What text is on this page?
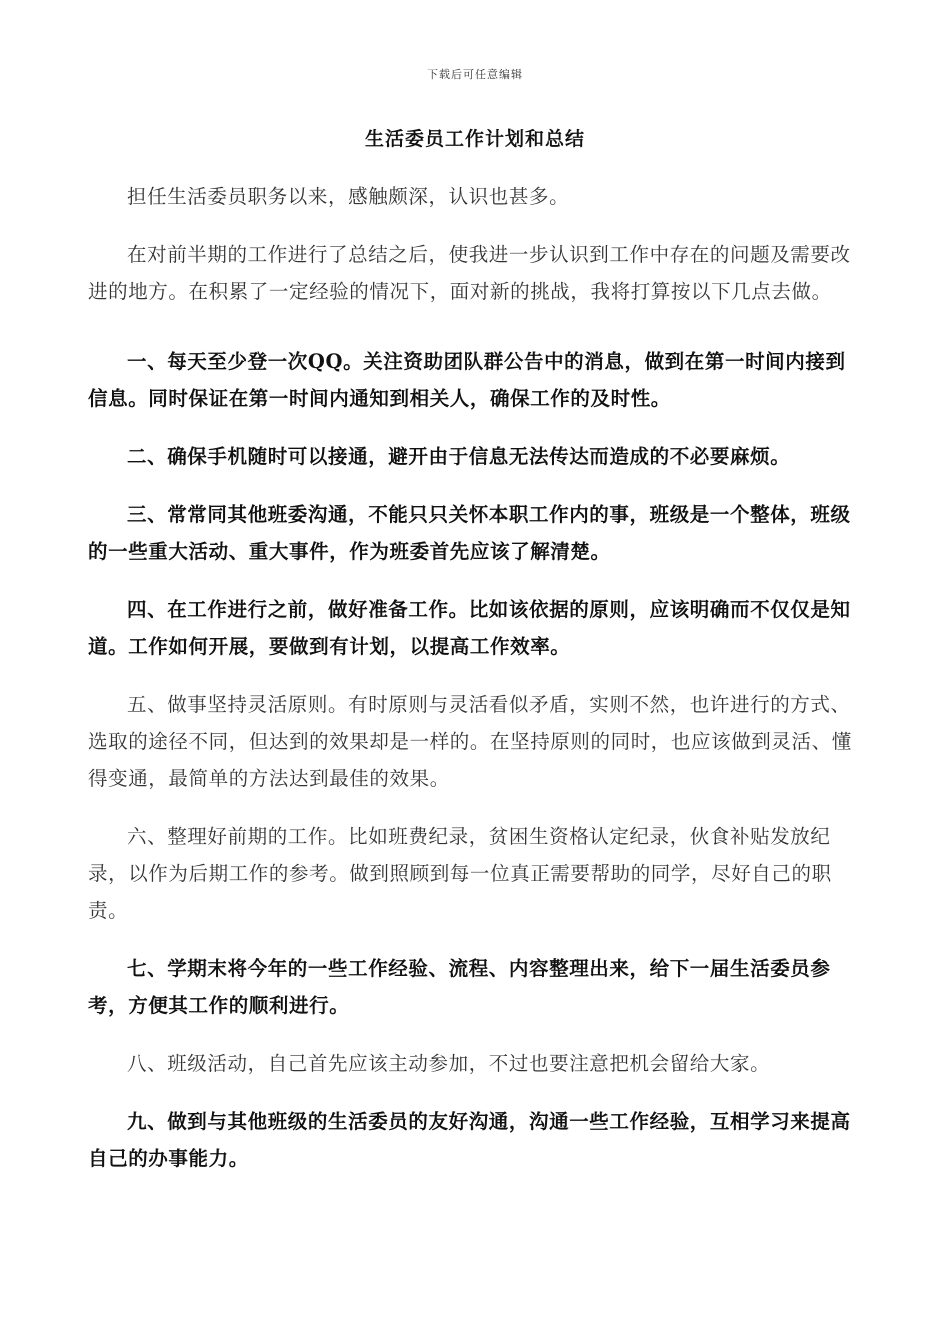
下载后可任意编辑
生活委员工作计划和总结

担任生活委员职务以来，感触颇深，认识也甚多。

在对前半期的工作进行了总结之后，使我进一步认识到工作中存在的问题及需要改进的地方。在积累了一定经验的情况下，面对新的挑战，我将打算按以下几点去做。

一、每天至少登一次QQ。关注资助团队群公告中的消息，做到在第一时间内接到信息。同时保证在第一时间内通知到相关人，确保工作的及时性。

二、确保手机随时可以接通，避开由于信息无法传达而造成的不必要麻烦。

三、常常同其他班委沟通，不能只只关怀本职工作内的事，班级是一个整体，班级的一些重大活动、重大事件，作为班委首先应该了解清楚。

四、在工作进行之前，做好准备工作。比如该依据的原则，应该明确而不仅仅是知道。工作如何开展，要做到有计划，以提高工作效率。

五、做事坚持灵活原则。有时原则与灵活看似矛盾，实则不然，也许进行的方式、选取的途径不同，但达到的效果却是一样的。在坚持原则的同时，也应该做到灵活、懂得变通，最简单的方法达到最佳的效果。

六、整理好前期的工作。比如班费纪录，贫困生资格认定纪录，伙食补贴发放纪录，以作为后期工作的参考。做到照顾到每一位真正需要帮助的同学，尽好自己的职责。

七、学期末将今年的一些工作经验、流程、内容整理出来，给下一届生活委员参考，方便其工作的顺利进行。

八、班级活动，自己首先应该主动参加，不过也要注意把机会留给大家。

九、做到与其他班级的生活委员的友好沟通，沟通一些工作经验，互相学习来提高自己的办事能力。
